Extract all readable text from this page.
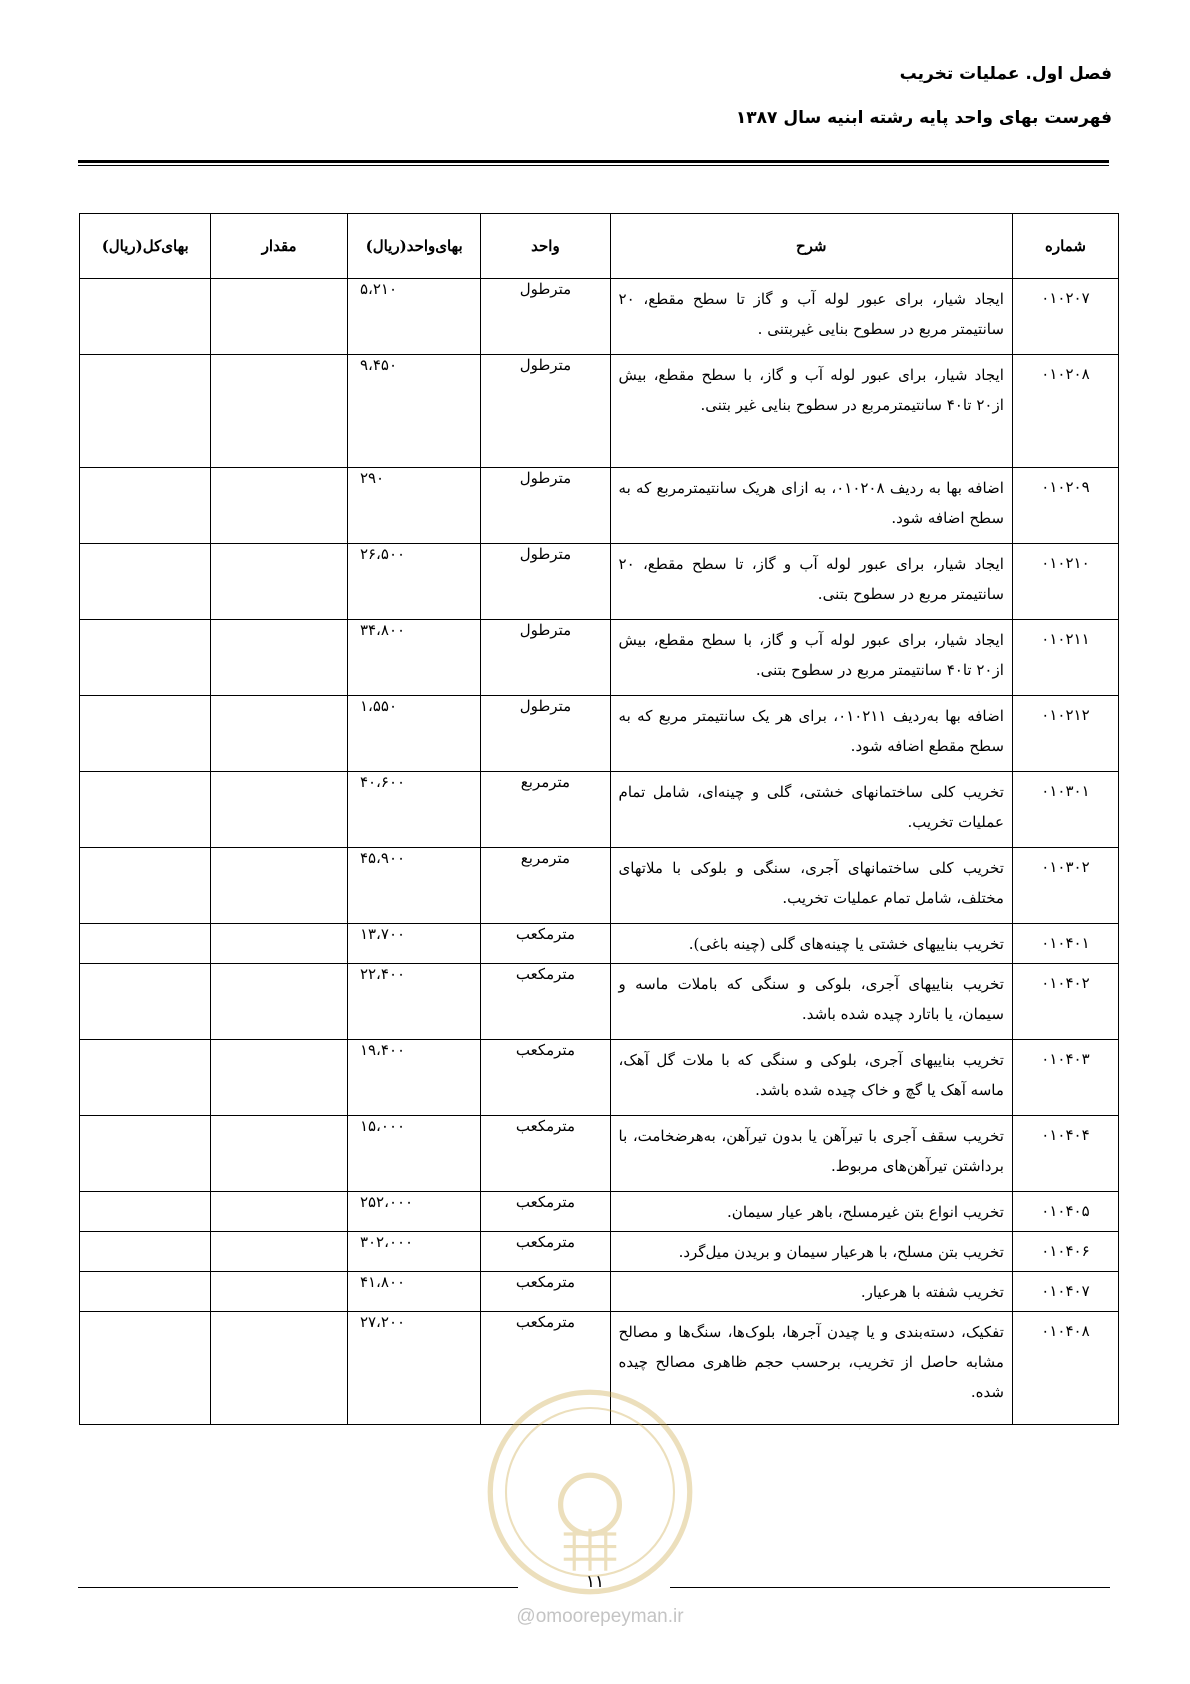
فصل اول. عملیات تخریب
فهرست بهای واحد پایه رشته ابنیه سال ۱۳۸۷
شماره	شرح	واحد	بهای‌واحد(ریال)	مقدار	بهای‌کل(ریال)
۰۱۰۲۰۷	ایجاد شیار، برای عبور لوله آب و گاز تا سطح مقطع، ۲۰ سانتیمتر مربع در سطوح بنایی غیربتنی .	مترطول	۵،۲۱۰		
۰۱۰۲۰۸	ایجاد شیار، برای عبور لوله آب و گاز، با سطح مقطع، بیش از۲۰ تا۴۰ سانتیمترمربع در سطوح بنایی غیر بتنی.	مترطول	۹،۴۵۰		
۰۱۰۲۰۹	اضافه بها به ردیف ۰۱۰۲۰۸، به ازای هریک سانتیمترمربع که به سطح اضافه شود.	مترطول	۲۹۰		
۰۱۰۲۱۰	ایجاد شیار، برای عبور لوله آب و گاز، تا سطح مقطع، ۲۰ سانتیمتر مربع در سطوح بتنی.	مترطول	۲۶،۵۰۰		
۰۱۰۲۱۱	ایجاد شیار، برای عبور لوله آب و گاز، با سطح مقطع، بیش از۲۰ تا۴۰ سانتیمتر مربع در سطوح بتنی.	مترطول	۳۴،۸۰۰		
۰۱۰۲۱۲	اضافه بها به‌ردیف ۰۱۰۲۱۱، برای هر یک سانتیمتر مربع که به سطح مقطع اضافه شود.	مترطول	۱،۵۵۰		
۰۱۰۳۰۱	تخریب کلی ساختمانهای خشتی، گلی و چینه‌ای، شامل تمام عملیات تخریب.	مترمربع	۴۰،۶۰۰		
۰۱۰۳۰۲	تخریب کلی ساختمانهای آجری، سنگی و بلوکی با ملاتهای مختلف، شامل تمام عملیات تخریب.	مترمربع	۴۵،۹۰۰		
۰۱۰۴۰۱	تخریب بناییهای خشتی یا چینه‌های گلی (چینه باغی).	مترمکعب	۱۳،۷۰۰		
۰۱۰۴۰۲	تخریب بناییهای آجری، بلوکی و سنگی که باملات ماسه و سیمان، یا باتارد چیده شده باشد.	مترمکعب	۲۲،۴۰۰		
۰۱۰۴۰۳	تخریب بناییهای آجری، بلوکی و سنگی که با ملات گل آهک، ماسه آهک یا گچ و خاک چیده شده باشد.	مترمکعب	۱۹،۴۰۰		
۰۱۰۴۰۴	تخریب سقف آجری با تیرآهن یا بدون تیرآهن، به‌هرضخامت، با برداشتن تیرآهن‌های مربوط.	مترمکعب	۱۵،۰۰۰		
۰۱۰۴۰۵	تخریب انواع بتن غیرمسلح، باهر عیار سیمان.	مترمکعب	۲۵۲،۰۰۰		
۰۱۰۴۰۶	تخریب بتن مسلح، با هرعیار سیمان و بریدن میل‌گرد.	مترمکعب	۳۰۲،۰۰۰		
۰۱۰۴۰۷	تخریب شفته با هرعیار.	مترمکعب	۴۱،۸۰۰		
۰۱۰۴۰۸	تفکیک، دسته‌بندی و یا چیدن آجرها، بلوک‌ها، سنگ‌ها و مصالح مشابه حاصل از تخریب، برحسب حجم ظاهری مصالح چیده شده.	مترمکعب	۲۷،۲۰۰		
۱۱
@omoorepeyman.ir
